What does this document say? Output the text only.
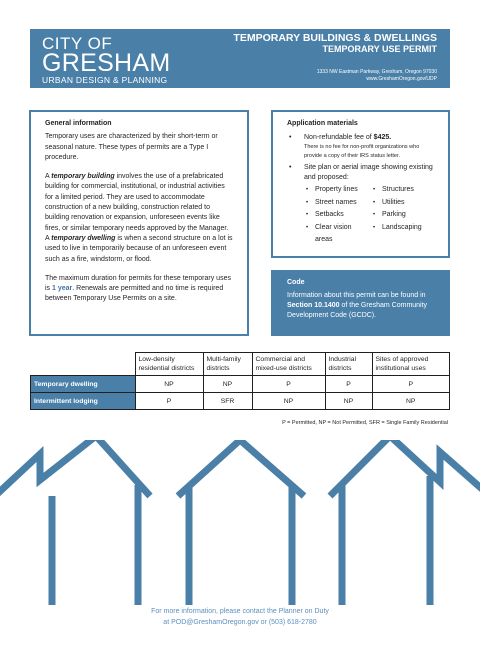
CITY OF
GRESHAM
URBAN DESIGN & PLANNING
TEMPORARY BUILDINGS & DWELLINGS
TEMPORARY USE PERMIT
1333 NW Eastman Parkway, Gresham, Oregon 97030
www.GreshamOregon.gov/UDP
General information

Temporary uses are characterized by their short-term or seasonal nature. These types of permits are a Type I procedure.

A temporary building involves the use of a prefabricated building for commercial, institutional, or industrial activities for a limited period. They are used to accommodate construction of a new building, construction related to building renovation or expansion, unforeseen events like fires, or similar temporary needs approved by the Manager. A temporary dwelling is when a second structure on a lot is used to live in temporarily because of an unforeseen event such as a fire, windstorm, or flood.

The maximum duration for permits for these temporary uses is 1 year. Renewals are permitted and no time is required between Temporary Use Permits on a site.

Application materials
• Non-refundable fee of $425.
There is no fee for non-profit organizations who provide a copy of their IRS status letter.
• Site plan or aerial image showing existing and proposed:
• Property lines
• Street names
• Setbacks
• Clear vision areas
• Structures
• Utilities
• Parking
• Landscaping
Code
Information about this permit can be found in Section 10.1400 of the Gresham Community Development Code (GCDC).
	Low-density residential districts	Multi-family districts	Commercial and mixed-use districts	Industrial districts	Sites of approved institutional uses
Temporary dwelling	NP	NP	P	P	P
Intermittent lodging	P	SFR	NP	NP	NP
P = Permitted, NP = Not Permitted, SFR = Single Family Residential
For more information, please contact the Planner on Duty
at POD@GreshamOregon.gov or (503) 618-2780
